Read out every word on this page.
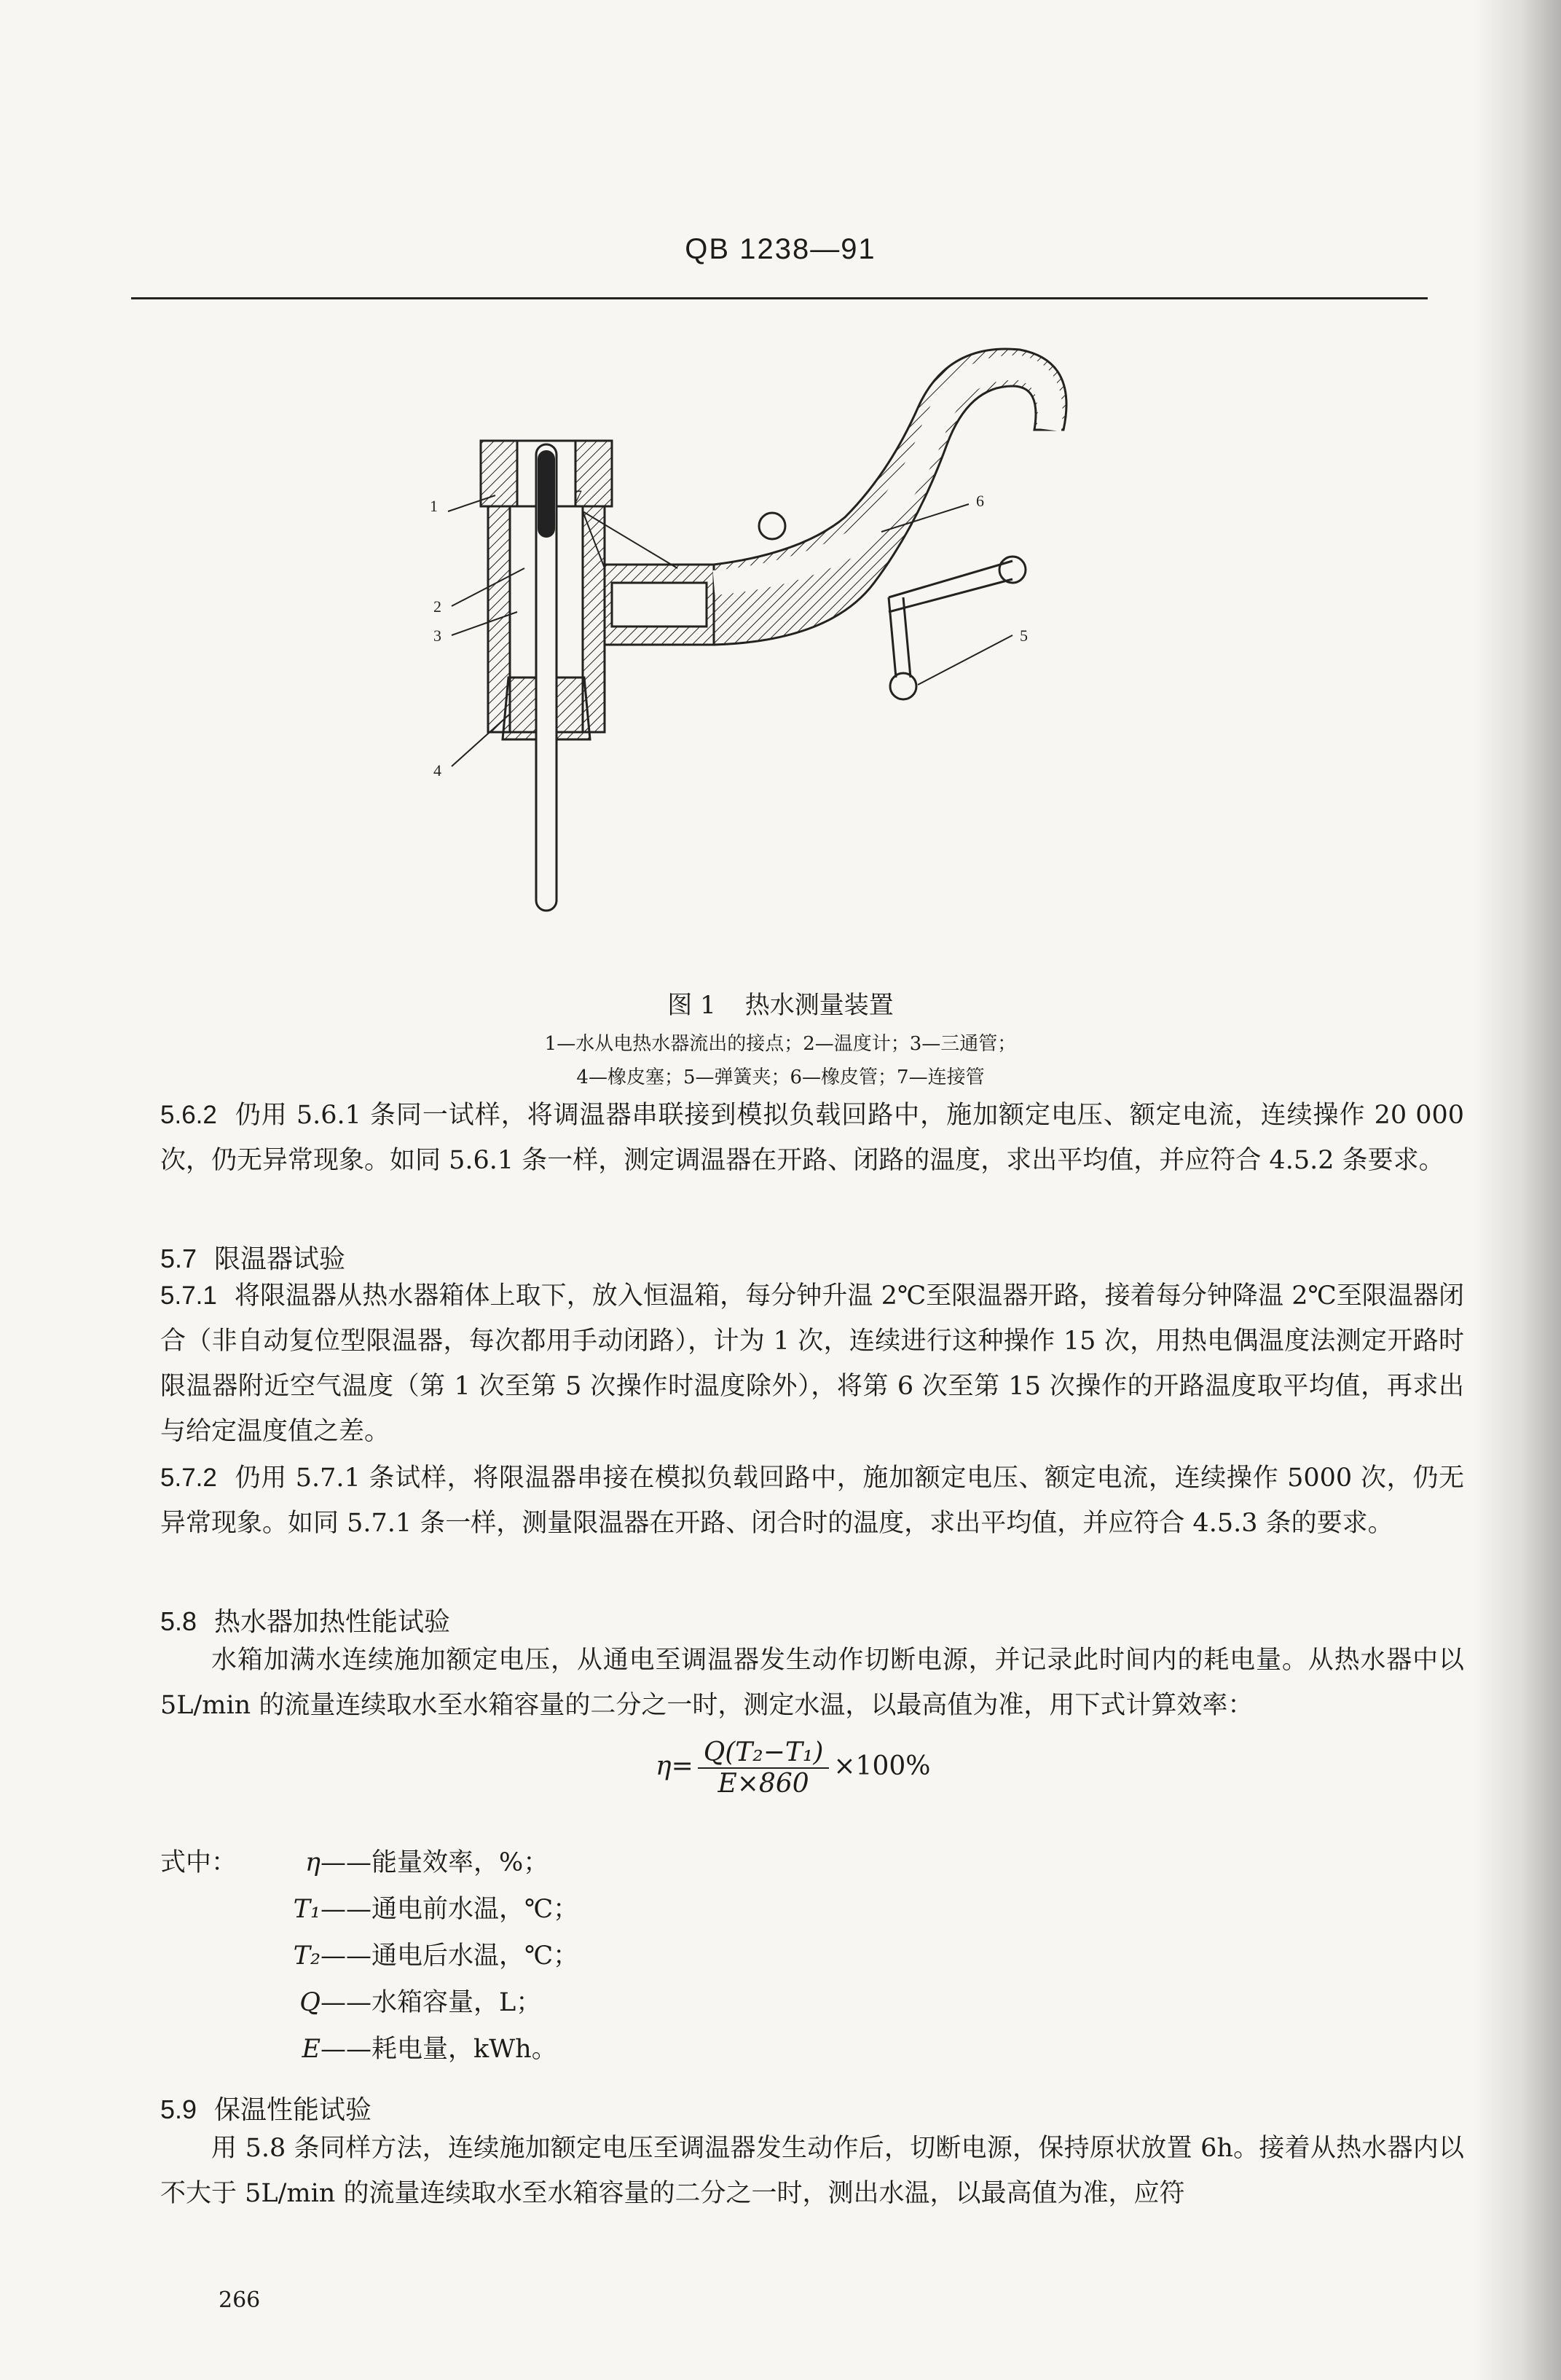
QB 1238—91
1
2
3
4
5
6
7
图 1 热水测量装置
1—水从电热水器流出的接点；2—温度计；3—三通管；
4—橡皮塞；5—弹簧夹；6—橡皮管；7—连接管
5.6.2 仍用 5.6.1 条同一试样，将调温器串联接到模拟负载回路中，施加额定电压、额定电流，连续操作 20 000 次，仍无异常现象。如同 5.6.1 条一样，测定调温器在开路、闭路的温度，求出平均值，并应符合 4.5.2 条要求。
5.7 限温器试验
5.7.1 将限温器从热水器箱体上取下，放入恒温箱，每分钟升温 2℃至限温器开路，接着每分钟降温 2℃至限温器闭合（非自动复位型限温器，每次都用手动闭路），计为 1 次，连续进行这种操作 15 次，用热电偶温度法测定开路时限温器附近空气温度（第 1 次至第 5 次操作时温度除外），将第 6 次至第 15 次操作的开路温度取平均值，再求出与给定温度值之差。
5.7.2 仍用 5.7.1 条试样，将限温器串接在模拟负载回路中，施加额定电压、额定电流，连续操作 5000 次，仍无异常现象。如同 5.7.1 条一样，测量限温器在开路、闭合时的温度，求出平均值，并应符合 4.5.3 条的要求。
5.8 热水器加热性能试验
水箱加满水连续施加额定电压，从通电至调温器发生动作切断电源，并记录此时间内的耗电量。从热水器中以 5L/min 的流量连续取水至水箱容量的二分之一时，测定水温，以最高值为准，用下式计算效率：
$\eta= \frac{\text{Q(T₂−T₁)}}{E\times 860} \times 100\%$
式中：	η ——能量效率，%；
T₁ ——通电前水温，℃；
T₂ ——通电后水温，℃；
Q ——水箱容量，L；
E ——耗电量，kWh。
5.9 保温性能试验
用 5.8 条同样方法，连续施加额定电压至调温器发生动作后，切断电源，保持原状放置 6h。接着从热水器内以不大于 5L/min 的流量连续取水至水箱容量的二分之一时，测出水温，以最高值为准，应符
266
